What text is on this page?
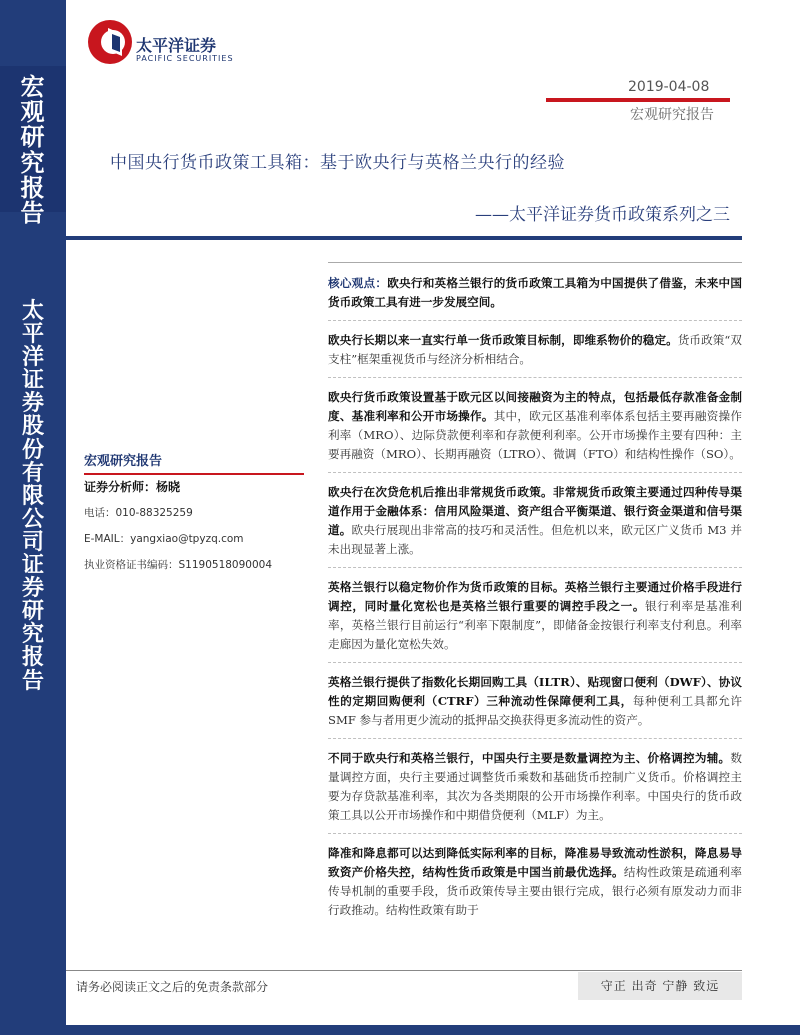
宏
观
研
究
报
告
太
平
洋
证
券
股
份
有
限
公
司
证
券
研
究
报
告
太平洋证券
PACIFIC SECURITIES
2019-04-08
宏观研究报告
中国央行货币政策工具箱：基于欧央行与英格兰央行的经验
——太平洋证券货币政策系列之三
宏观研究报告
证券分析师：杨晓
电话：010-88325259
E-MAIL：yangxiao@tpyzq.com
执业资格证书编码：S1190518090004
核心观点：欧央行和英格兰银行的货币政策工具箱为中国提供了借鉴，未来中国货币政策工具有进一步发展空间。
欧央行长期以来一直实行单一货币政策目标制，即维系物价的稳定。货币政策“双支柱”框架重视货币与经济分析相结合。
欧央行货币政策设置基于欧元区以间接融资为主的特点，包括最低存款准备金制度、基准利率和公开市场操作。其中，欧元区基准利率体系包括主要再融资操作利率（MRO）、边际贷款便利率和存款便利利率。公开市场操作主要有四种：主要再融资（MRO）、长期再融资（LTRO）、微调（FTO）和结构性操作（SO）。
欧央行在次贷危机后推出非常规货币政策。非常规货币政策主要通过四种传导渠道作用于金融体系：信用风险渠道、资产组合平衡渠道、银行资金渠道和信号渠道。欧央行展现出非常高的技巧和灵活性。但危机以来，欧元区广义货币 M3 并未出现显著上涨。
英格兰银行以稳定物价作为货币政策的目标。英格兰银行主要通过价格手段进行调控，同时量化宽松也是英格兰银行重要的调控手段之一。银行利率是基准利率，英格兰银行目前运行“利率下限制度”，即储备金按银行利率支付利息。利率走廊因为量化宽松失效。
英格兰银行提供了指数化长期回购工具（ILTR）、贴现窗口便利（DWF）、协议性的定期回购便利（CTRF）三种流动性保障便利工具，每种便利工具都允许 SMF 参与者用更少流动的抵押品交换获得更多流动性的资产。
不同于欧央行和英格兰银行，中国央行主要是数量调控为主、价格调控为辅。数量调控方面，央行主要通过调整货币乘数和基础货币控制广义货币。价格调控主要为存贷款基准利率，其次为各类期限的公开市场操作利率。中国央行的货币政策工具以公开市场操作和中期借贷便利（MLF）为主。
降准和降息都可以达到降低实际利率的目标，降准易导致流动性淤积，降息易导致资产价格失控，结构性货币政策是中国当前最优选择。结构性政策是疏通利率传导机制的重要手段，货币政策传导主要由银行完成，银行必须有原发动力而非行政推动。结构性政策有助于
请务必阅读正文之后的免责条款部分	守正 出奇 宁静 致远
